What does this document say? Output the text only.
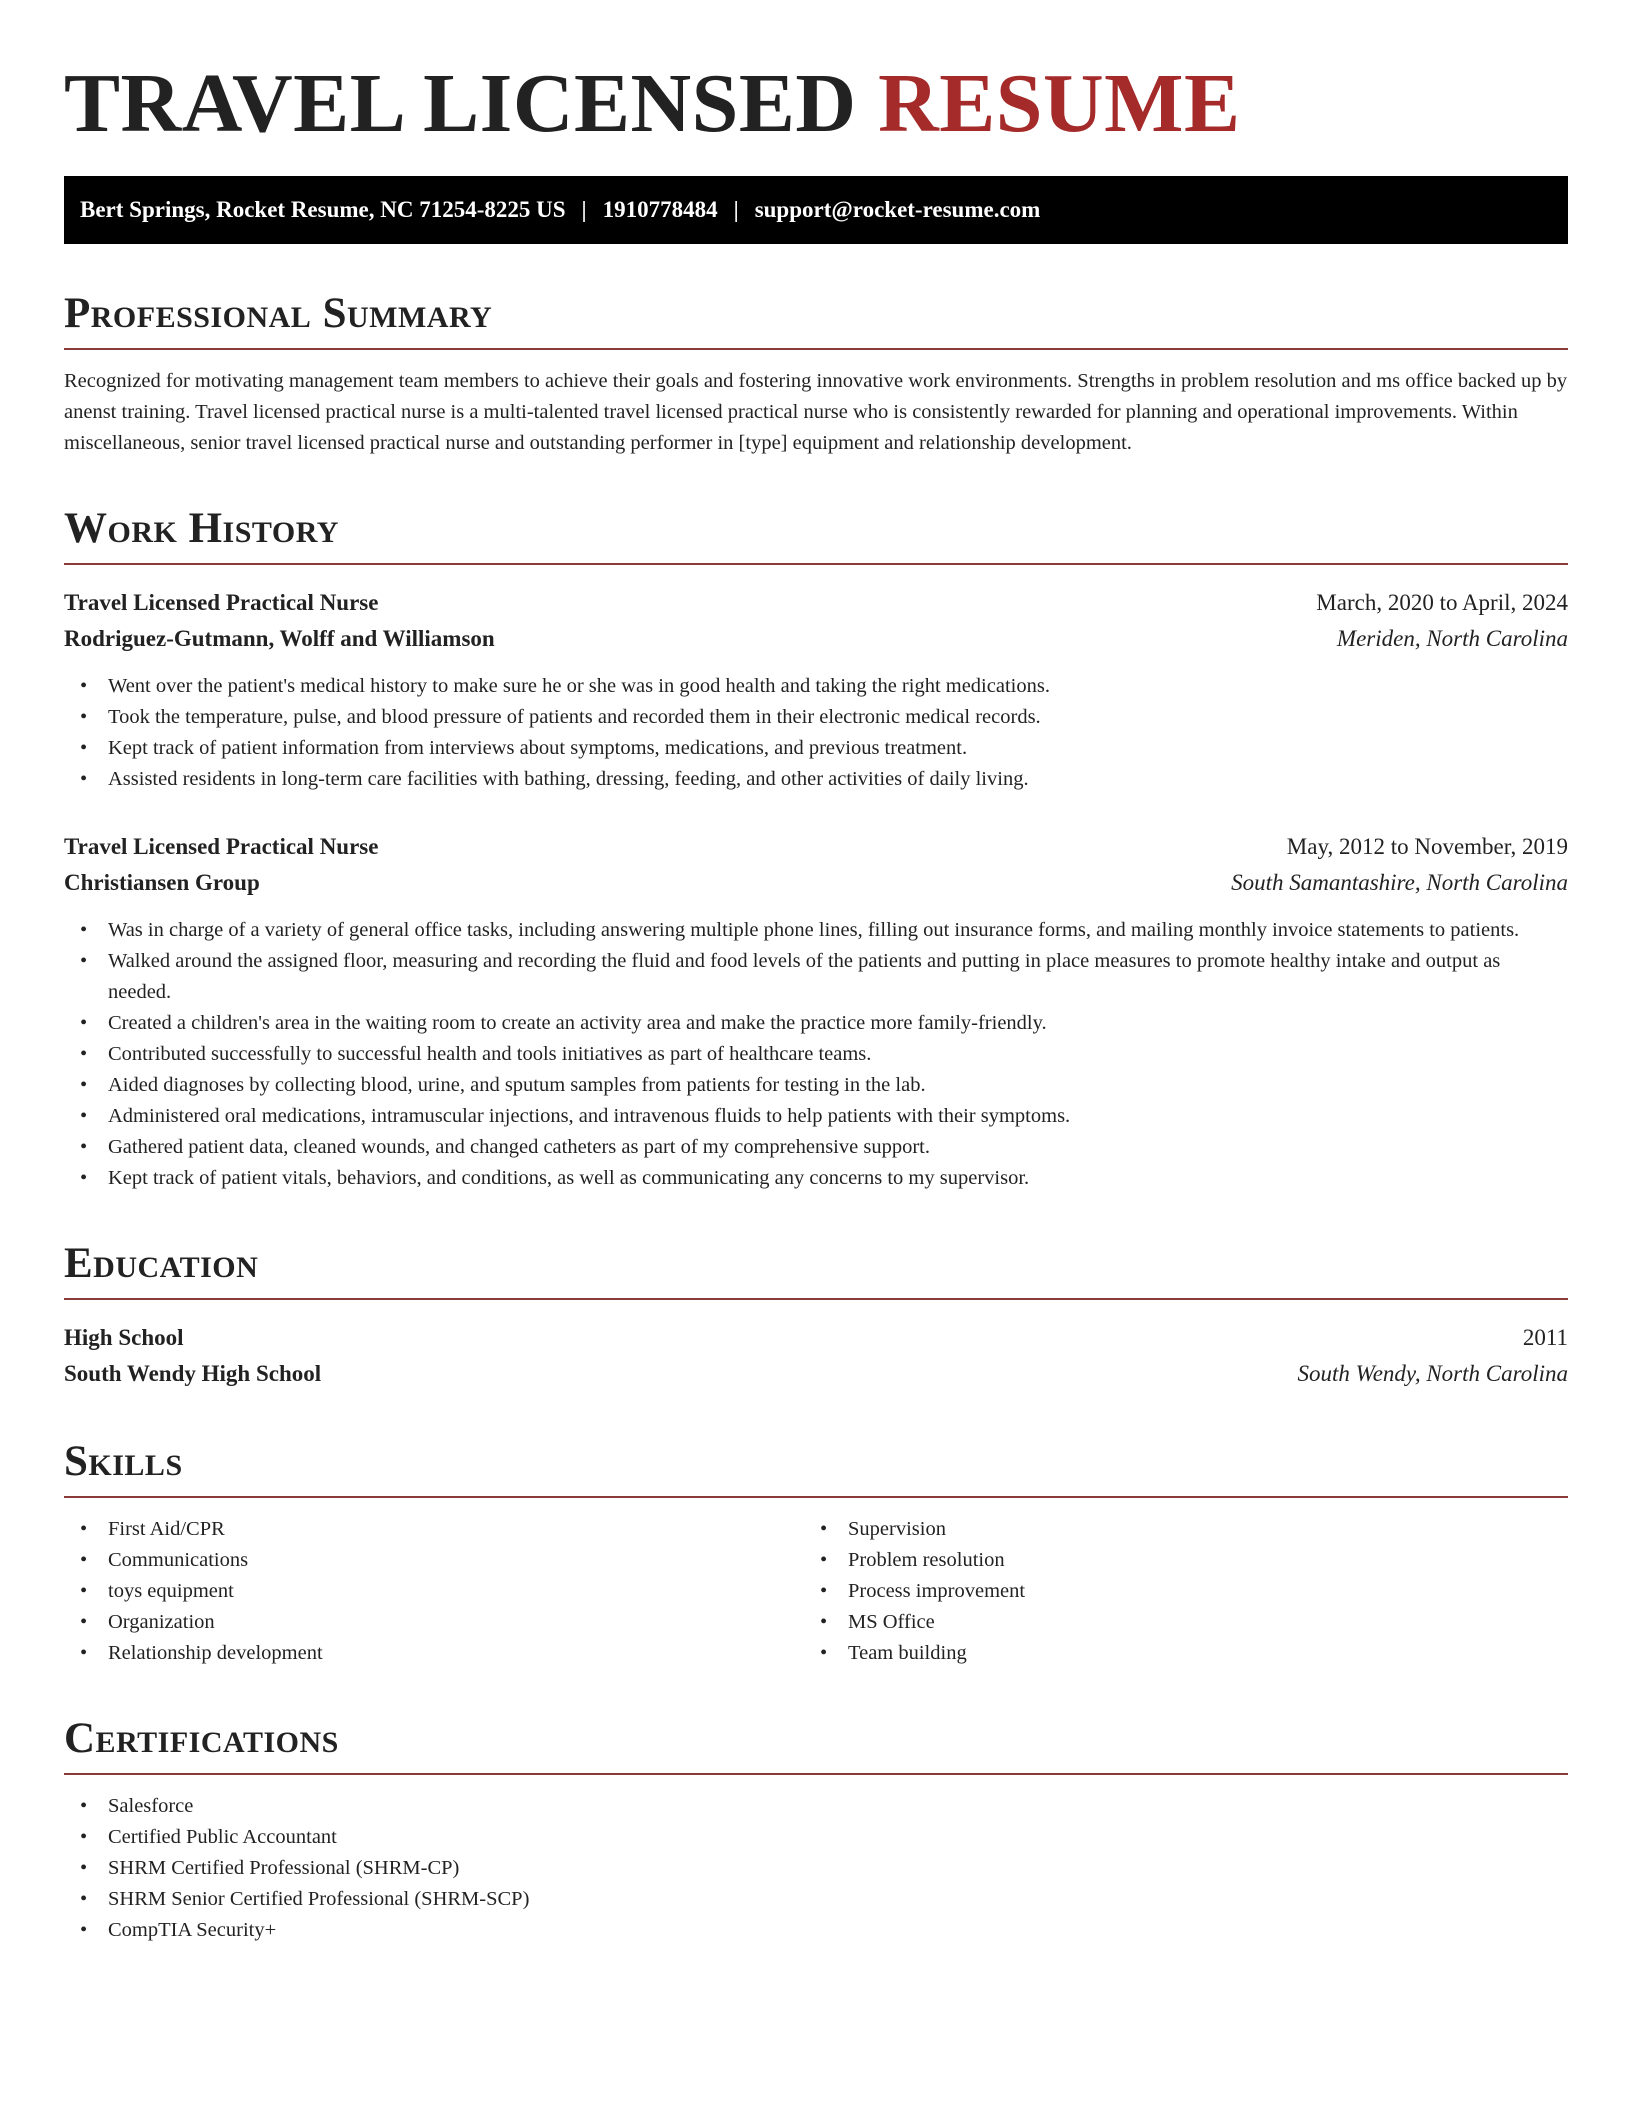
TRAVEL LICENSED RESUME
Bert Springs, Rocket Resume, NC 71254-8225 US | 1910778484 | support@rocket-resume.com
Professional Summary

Recognized for motivating management team members to achieve their goals and fostering innovative work environments. Strengths in problem resolution and ms office backed up by anenst training. Travel licensed practical nurse is a multi-talented travel licensed practical nurse who is consistently rewarded for planning and operational improvements. Within miscellaneous, senior travel licensed practical nurse and outstanding performer in [type] equipment and relationship development.

Work History
Travel Licensed Practical Nurse	March, 2020 to April, 2024
Rodriguez-Gutmann, Wolff and Williamson	Meriden, North Carolina
• Went over the patient's medical history to make sure he or she was in good health and taking the right medications.
• Took the temperature, pulse, and blood pressure of patients and recorded them in their electronic medical records.
• Kept track of patient information from interviews about symptoms, medications, and previous treatment.
• Assisted residents in long-term care facilities with bathing, dressing, feeding, and other activities of daily living.
Travel Licensed Practical Nurse	May, 2012 to November, 2019
Christiansen Group	South Samantashire, North Carolina
• Was in charge of a variety of general office tasks, including answering multiple phone lines, filling out insurance forms, and mailing monthly invoice statements to patients.
• Walked around the assigned floor, measuring and recording the fluid and food levels of the patients and putting in place measures to promote healthy intake and output as needed.
• Created a children's area in the waiting room to create an activity area and make the practice more family-friendly.
• Contributed successfully to successful health and tools initiatives as part of healthcare teams.
• Aided diagnoses by collecting blood, urine, and sputum samples from patients for testing in the lab.
• Administered oral medications, intramuscular injections, and intravenous fluids to help patients with their symptoms.
• Gathered patient data, cleaned wounds, and changed catheters as part of my comprehensive support.
• Kept track of patient vitals, behaviors, and conditions, as well as communicating any concerns to my supervisor.
Education
High School	2011
South Wendy High School	South Wendy, North Carolina
Skills
• First Aid/CPR
• Communications
• toys equipment
• Organization
• Relationship development
• Supervision
• Problem resolution
• Process improvement
• MS Office
• Team building
Certifications
• Salesforce
• Certified Public Accountant
• SHRM Certified Professional (SHRM-CP)
• SHRM Senior Certified Professional (SHRM-SCP)
• CompTIA Security+
